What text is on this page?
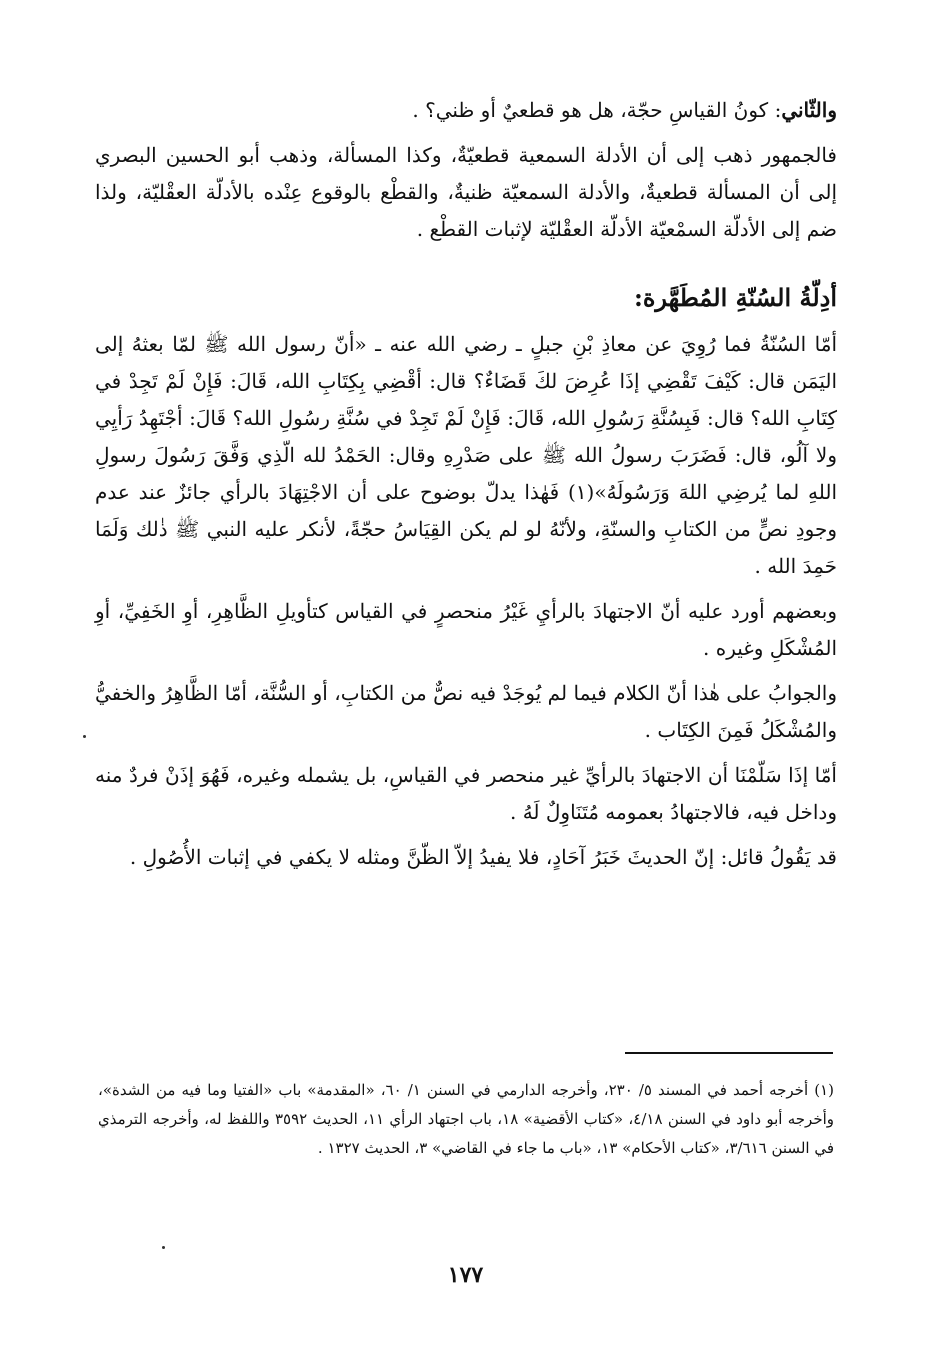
والثّاني: كونُ القياسِ حجّة، هل هو قطعيٌ أو ظني؟ .

فالجمهور ذهب إلى أن الأدلة السمعية قطعيّةٌ، وكذا المسألة، وذهب أبو الحسين البصري إلى أن المسألة قطعيةٌ، والأدلة السمعيّة ظنيةٌ، والقطْع بالوقوع عِنْده بالأدلّة العقْليّة، ولذا ضم إلى الأدلّة السمْعيّة الأدلّة العقْليّة لإثبات القطْع .

أدِلّةُ السُنّةِ المُطَهَّرة:

أمّا السُنّةُ فما رُوِيَ عن معاذِ بْنِ جبلٍ ـ رضي الله عنه ـ «أنّ رسول الله ﷺ لمّا بعثهُ إلى اليَمَن قال: كَيْفَ تَقْضِي إذَا عُرِضَ لكَ قَضَاءٌ؟ قال: أقْضِي بِكِتَابِ الله، قَالَ: فَإِنْ لَمْ تَجِدْ في كِتَابِ الله؟ قال: فَبِسُنَّةِ رَسُولِ الله، قَالَ: فَإِنْ لَمْ تَجِدْ في سُنَّةِ رسُولِ الله؟ قَالَ: أجْتَهِدُ رَأيِي ولا آلُو، قال: فَضَرَبَ رسولُ الله ﷺ على صَدْرِهِ وقال: الحَمْدُ لله الّذِي وَفَّقَ رَسُولَ رسولِ اللهِ لما يُرضِي اللهَ وَرَسُولَهُ»(١) فَهٰذا يدلّ بوضوح على أن الاجْتِهَادَ بالرأي جائزٌ عند عدم وجودِ نصٍّ من الكتابِ والسنّةِ، ولأنّهُ لو لم يكن القِيَاسُ حجّةً، لأنكر عليه النبي ﷺ ذٰلك وَلَمَا حَمِدَ الله .

وبعضهم أورد عليه أنّ الاجتهادَ بالرأيِ غَيْرُ منحصرٍ في القياس كتأويلِ الظَّاهِرِ، أوِ الخَفِيِّ، أوِ المُشْكَلِ وغيره .

والجوابُ على هٰذا أنّ الكلام فيما لم يُوجَدْ فيه نصٌّ من الكتابِ، أو السُّنَّة، أمّا الظَّاهِرُ والخفيُّ والمُشْكَلُ فَمِنَ الكِتَاب .

أمّا إذَا سَلّمْنَا أن الاجتهادَ بالرأيِّ غير منحصر في القياسِ، بل يشمله وغيره، فَهُوَ إذَنْ فردٌ منه وداخل فيه، فالاجتهادُ بعمومه مُتَنَاوِلٌ لَهُ .

قد يَقُولُ قائل: إنّ الحديثَ خَبَرُ آحَادٍ، فلا يفيدُ إلاّ الظّنَّ ومثله لا يكفي في إثبات الأُصُولِ .

(١) أخرجه أحمد في المسند ٥/ ٢٣٠، وأخرجه الدارمي في السنن ١/ ٦٠، «المقدمة» باب «الفتيا وما فيه من الشدة»، وأخرجه أبو داود في السنن ٤/١٨، «كتاب الأقضية» ١٨، باب اجتهاد الرأي ١١، الحديث ٣٥٩٢ واللفظ له، وأخرجه الترمذي في السنن ٣/٦١٦، «كتاب الأحكام» ١٣، «باب ما جاء في القاضي» ٣، الحديث ١٣٢٧ .
١٧٧
